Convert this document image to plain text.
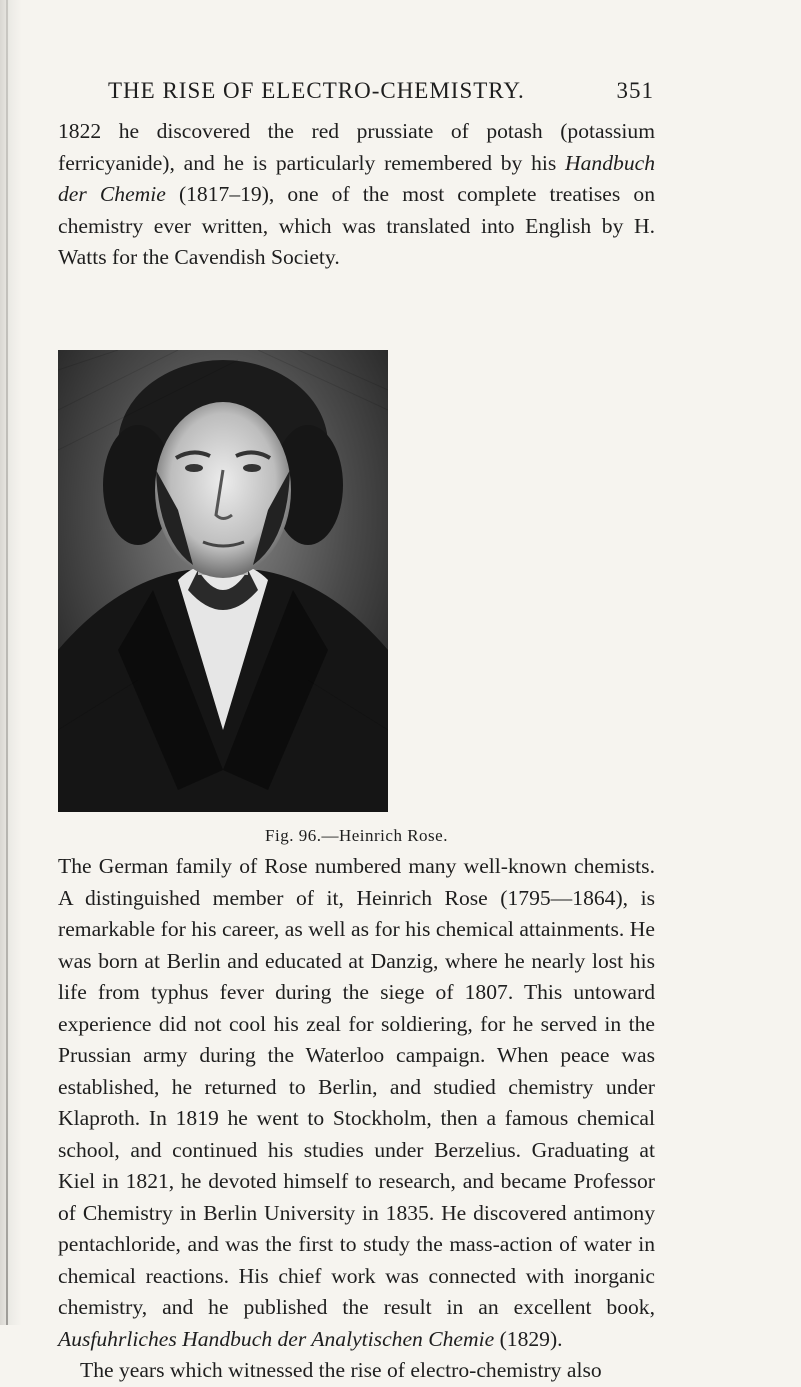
THE RISE OF ELECTRO-CHEMISTRY.	351

1822 he discovered the red prussiate of potash (potassium ferricyanide), and he is particularly remembered by his Handbuch der Chemie (1817–19), one of the most complete treatises on chemistry ever written, which was translated into English by H. Watts for the Cavendish Society.

Fig. 96.—Heinrich Rose.
The German family of Rose numbered many well-known chemists. A distinguished member of it, Heinrich Rose (1795—1864), is remarkable for his career, as well as for his chemical attainments. He was born at Berlin and educated at Danzig, where he nearly lost his life from typhus fever during the siege of 1807. This untoward experience did not cool his zeal for soldiering, for he served in the Prussian army during the Waterloo campaign. When peace was established, he returned to Berlin, and studied chemistry under Klaproth. In 1819 he went to Stockholm, then a famous chemical school, and continued his studies under Berzelius. Graduating at Kiel in 1821, he devoted himself to research, and became Professor of Chemistry in Berlin University in 1835. He discovered antimony pentachloride, and was the first to study the mass-action of water in chemical reactions. His chief work was connected with inorganic chemistry, and he published the result in an excellent book, Ausfuhrliches Handbuch der Analytischen Chemie (1829).

The years which witnessed the rise of electro-chemistry also
